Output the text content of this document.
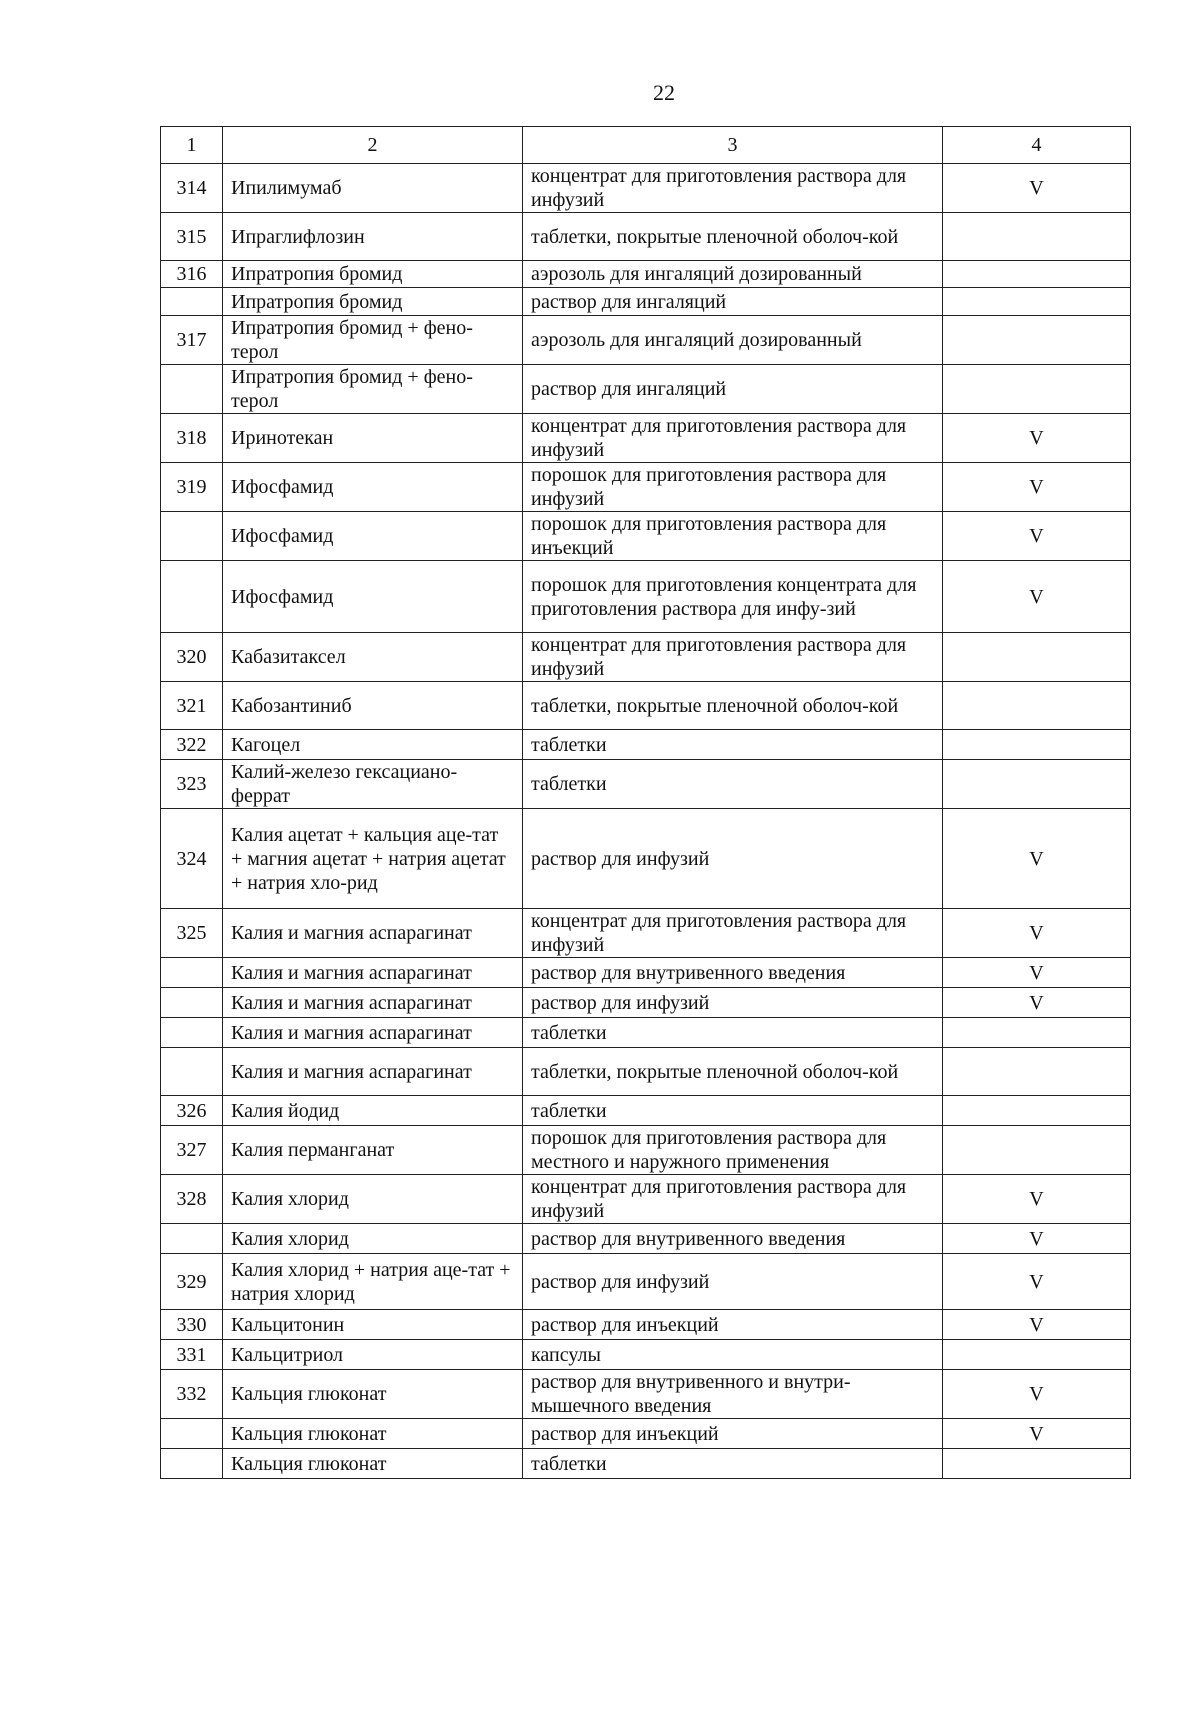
22
1	2	3	4
314	Ипилимумаб	концентрат для приготовления раствора для инфузий	V
315	Ипраглифлозин	таблетки, покрытые пленочной оболоч-кой	
316	Ипратропия бромид	аэрозоль для ингаляций дозированный	
	Ипратропия бромид	раствор для ингаляций	
317	Ипратропия бромид + фено-терол	аэрозоль для ингаляций дозированный	
	Ипратропия бромид + фено-терол	раствор для ингаляций	
318	Иринотекан	концентрат для приготовления раствора для инфузий	V
319	Ифосфамид	порошок для приготовления раствора для инфузий	V
	Ифосфамид	порошок для приготовления раствора для инъекций	V
	Ифосфамид	порошок для приготовления концентрата для приготовления раствора для инфу-зий	V
320	Кабазитаксел	концентрат для приготовления раствора для инфузий	
321	Кабозантиниб	таблетки, покрытые пленочной оболоч-кой	
322	Кагоцел	таблетки	
323	Калий-железо гексациано-феррат	таблетки	
324	Калия ацетат + кальция аце-тат + магния ацетат + натрия ацетат + натрия хло-рид	раствор для инфузий	V
325	Калия и магния аспарагинат	концентрат для приготовления раствора для инфузий	V
	Калия и магния аспарагинат	раствор для внутривенного введения	V
	Калия и магния аспарагинат	раствор для инфузий	V
	Калия и магния аспарагинат	таблетки	
	Калия и магния аспарагинат	таблетки, покрытые пленочной оболоч-кой	
326	Калия йодид	таблетки	
327	Калия перманганат	порошок для приготовления раствора для местного и наружного применения	
328	Калия хлорид	концентрат для приготовления раствора для инфузий	V
	Калия хлорид	раствор для внутривенного введения	V
329	Калия хлорид + натрия аце-тат + натрия хлорид	раствор для инфузий	V
330	Кальцитонин	раствор для инъекций	V
331	Кальцитриол	капсулы	
332	Кальция глюконат	раствор для внутривенного и внутри-мышечного введения	V
	Кальция глюконат	раствор для инъекций	V
	Кальция глюконат	таблетки	
